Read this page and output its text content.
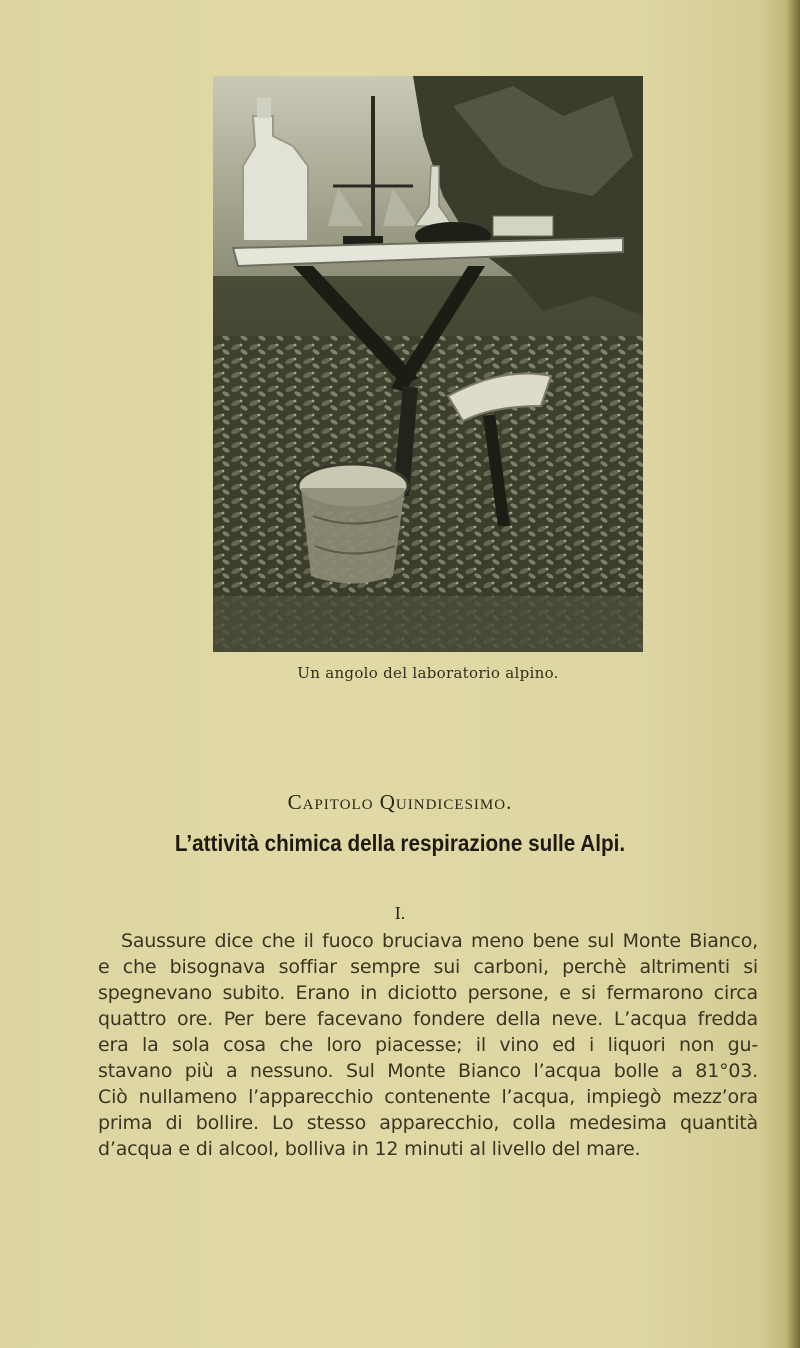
Un angolo del laboratorio alpino.
Capitolo Quindicesimo.
L’attività chimica della respirazione sulle Alpi.
I.
Saussure dice che il fuoco bruciava meno bene sul Monte Bianco,
e che bisognava soffiar sempre sui carboni, perchè altrimenti si
spegnevano subito. Erano in diciotto persone, e si fermarono circa
quattro ore. Per bere facevano fondere della neve. L’acqua fredda
era la sola cosa che loro piacesse; il vino ed i liquori non gu-
stavano più a nessuno. Sul Monte Bianco l’acqua bolle a 81°03.
Ciò nullameno l’apparecchio contenente l’acqua, impiegò mezz’ora
prima di bollire. Lo stesso apparecchio, colla medesima quantità
d’acqua e di alcool, bolliva in 12 minuti al livello del mare.
